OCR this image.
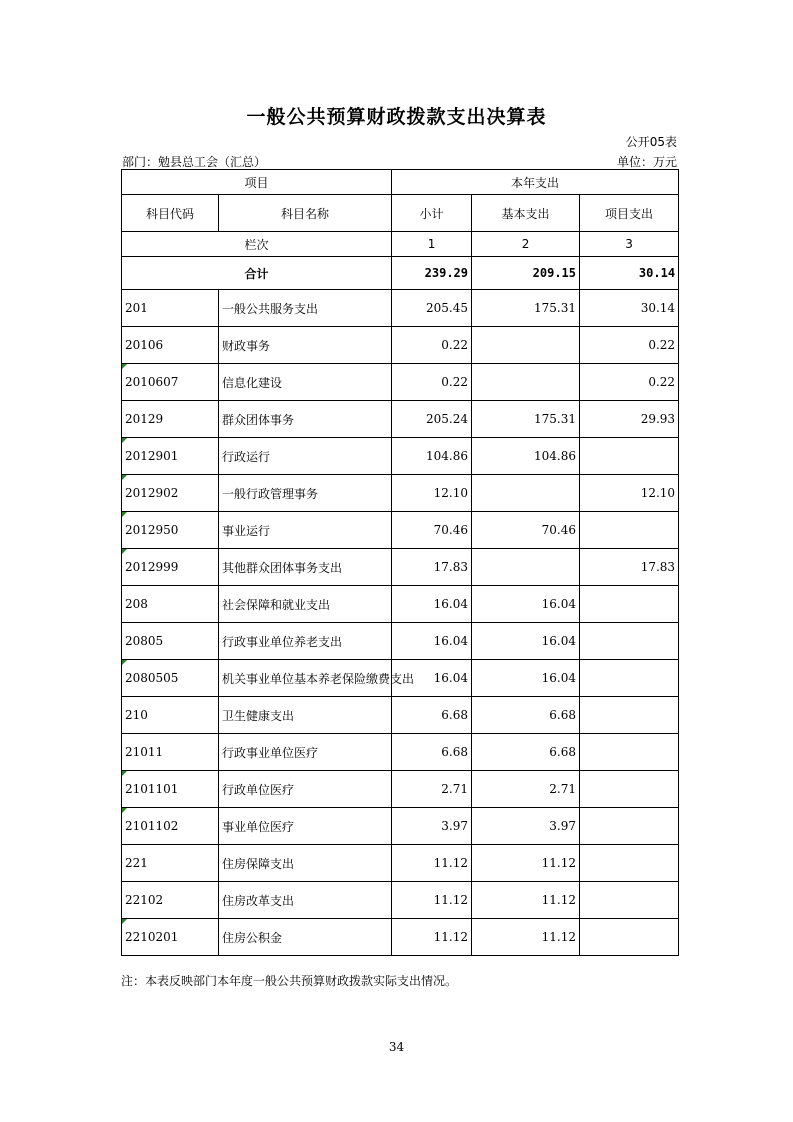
一般公共预算财政拨款支出决算表
公开05表
部门：勉县总工会（汇总）	单位：万元
项目		本年支出		
科目代码	科目名称	小计	基本支出	项目支出
栏次		1	2	3
合计		239.29	209.15	30.14
201	一般公共服务支出	205.45	175.31	30.14
20106	财政事务	0.22		0.22
2010607	信息化建设	0.22		0.22
20129	群众团体事务	205.24	175.31	29.93
2012901	行政运行	104.86	104.86	
2012902	一般行政管理事务	12.10		12.10
2012950	事业运行	70.46	70.46	
2012999	其他群众团体事务支出	17.83		17.83
208	社会保障和就业支出	16.04	16.04	
20805	行政事业单位养老支出	16.04	16.04	
2080505	机关事业单位基本养老保险缴费支出	16.04	16.04	
210	卫生健康支出	6.68	6.68	
21011	行政事业单位医疗	6.68	6.68	
2101101	行政单位医疗	2.71	2.71	
2101102	事业单位医疗	3.97	3.97	
221	住房保障支出	11.12	11.12	
22102	住房改革支出	11.12	11.12	
2210201	住房公积金	11.12	11.12	
注：本表反映部门本年度一般公共预算财政拨款实际支出情况。
34
